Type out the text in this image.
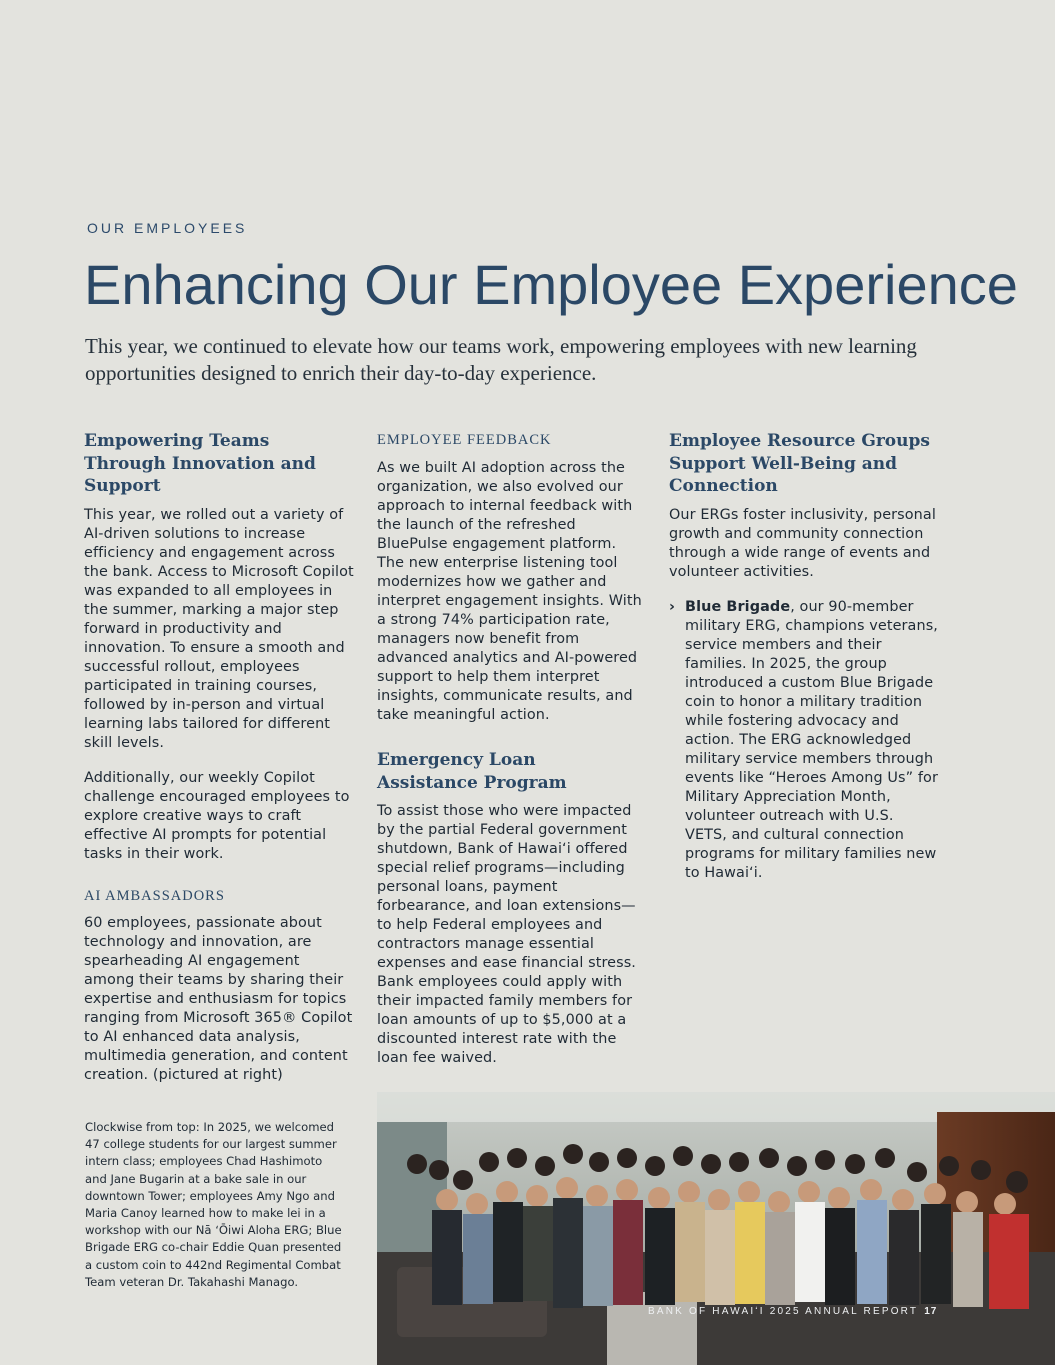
OUR EMPLOYEES

Enhancing Our Employee Experience

This year, we continued to elevate how our teams work, empowering employees with new learning opportunities designed to enrich their day-to-day experience.

Empowering Teams Through Innovation and Support

This year, we rolled out a variety of AI-driven solutions to increase efficiency and engagement across the bank. Access to Microsoft Copilot was expanded to all employees in the summer, marking a major step forward in productivity and innovation. To ensure a smooth and successful rollout, employees participated in training courses, followed by in-person and virtual learning labs tailored for different skill levels.

Additionally, our weekly Copilot challenge encouraged employees to explore creative ways to craft effective AI prompts for potential tasks in their work.

AI AMBASSADORS

60 employees, passionate about technology and innovation, are spearheading AI engagement among their teams by sharing their expertise and enthusiasm for topics ranging from Microsoft 365® Copilot to AI enhanced data analysis, multimedia generation, and content creation. (pictured at right)

EMPLOYEE FEEDBACK

As we built AI adoption across the organization, we also evolved our approach to internal feedback with the launch of the refreshed BluePulse engagement platform. The new enterprise listening tool modernizes how we gather and interpret engagement insights. With a strong 74% participation rate, managers now benefit from advanced analytics and AI-powered support to help them interpret insights, communicate results, and take meaningful action.

Emergency Loan Assistance Program

To assist those who were impacted by the partial Federal government shutdown, Bank of Hawaiʻi offered special relief programs—including personal loans, payment forbearance, and loan extensions—to help Federal employees and contractors manage essential expenses and ease financial stress. Bank employees could apply with their impacted family members for loan amounts of up to $5,000 at a discounted interest rate with the loan fee waived.

Employee Resource Groups Support Well-Being and Connection

Our ERGs foster inclusivity, personal growth and community connection through a wide range of events and volunteer activities.

› Blue Brigade, our 90-member military ERG, champions veterans, service members and their families. In 2025, the group introduced a custom Blue Brigade coin to honor a military tradition while fostering advocacy and action. The ERG acknowledged military service members through events like “Heroes Among Us” for Military Appreciation Month, volunteer outreach with U.S. VETS, and cultural connection programs for military families new to Hawaiʻi.

Clockwise from top: In 2025, we welcomed 47 college students for our largest summer intern class; employees Chad Hashimoto and Jane Bugarin at a bake sale in our downtown Tower; employees Amy Ngo and Maria Canoy learned how to make lei in a workshop with our Nā ʻŌiwi Aloha ERG; Blue Brigade ERG co-chair Eddie Quan presented a custom coin to 442nd Regimental Combat Team veteran Dr. Takahashi Manago.

BANK OF HAWAIʻI 2025 ANNUAL REPORT 17
